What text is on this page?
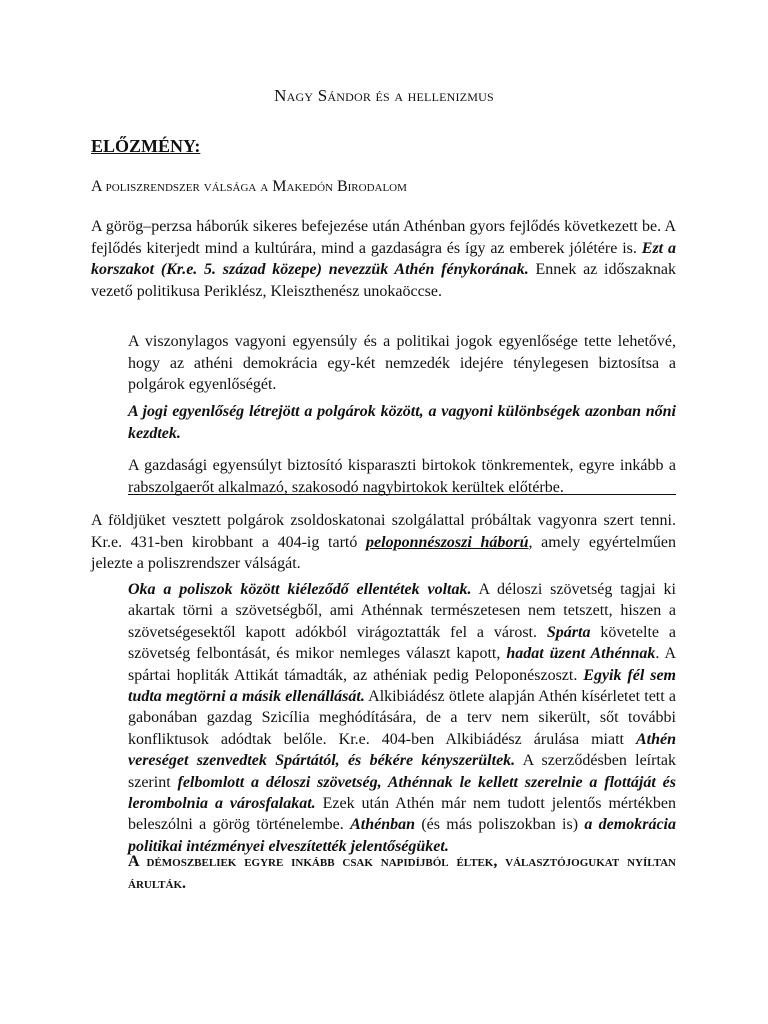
Nagy Sándor és a hellenizmus
ELŐZMÉNY:
A poliszrendszer válsága a Makedón Birodalom
A görög–perzsa háborúk sikeres befejezése után Athénban gyors fejlődés következett be. A fejlődés kiterjedt mind a kultúrára, mind a gazdaságra és így az emberek jólétére is. Ezt a korszakot (Kr.e. 5. század közepe) nevezzük Athén fénykorának. Ennek az időszaknak vezető politikusa Periklész, Kleiszthenész unokaöccse.
A viszonylagos vagyoni egyensúly és a politikai jogok egyenlősége tette lehetővé, hogy az athéni demokrácia egy-két nemzedék idejére ténylegesen biztosítsa a polgárok egyenlőségét.
A jogi egyenlőség létrejött a polgárok között, a vagyoni különbségek azonban nőni kezdtek.
A gazdasági egyensúlyt biztosító kisparaszti birtokok tönkrementek, egyre inkább a rabszolgaerőt alkalmazó, szakosodó nagybirtokok kerültek előtérbe.
A földjüket vesztett polgárok zsoldoskatonai szolgálattal próbáltak vagyonra szert tenni. Kr.e. 431-ben kirobbant a 404-ig tartó peloponnészoszi háború, amely egyértelműen jelezte a poliszrendszer válságát.
Oka a poliszok között kiéleződő ellentétek voltak. A déloszi szövetség tagjai ki akartak törni a szövetségből, ami Athénnak természetesen nem tetszett, hiszen a szövetségesektől kapott adókból virágoztatták fel a várost. Spárta követelte a szövetség felbontását, és mikor nemleges választ kapott, hadat üzent Athénnak. A spártai hopliták Attikát támadták, az athéniak pedig Peloponészoszt. Egyik fél sem tudta megtörni a másik ellenállását. Alkibiádész ötlete alapján Athén kísérletet tett a gabonában gazdag Szicília meghódítására, de a terv nem sikerült, sőt további konfliktusok adódtak belőle. Kr.e. 404-ben Alkibiádész árulása miatt Athén vereséget szenvedtek Spártától, és békére kényszerültek. A szerződésben leírtak szerint felbomlott a déloszi szövetség, Athénnak le kellett szerelnie a flottáját és lerombolnia a városfalakat. Ezek után Athén már nem tudott jelentős mértékben beleszólni a görög történelembe. Athénban (és más poliszokban is) a demokrácia politikai intézményei elveszítették jelentőségüket.
A démoszbeliek egyre inkább csak napidíjból éltek, választójogukat nyíltan árulták.
